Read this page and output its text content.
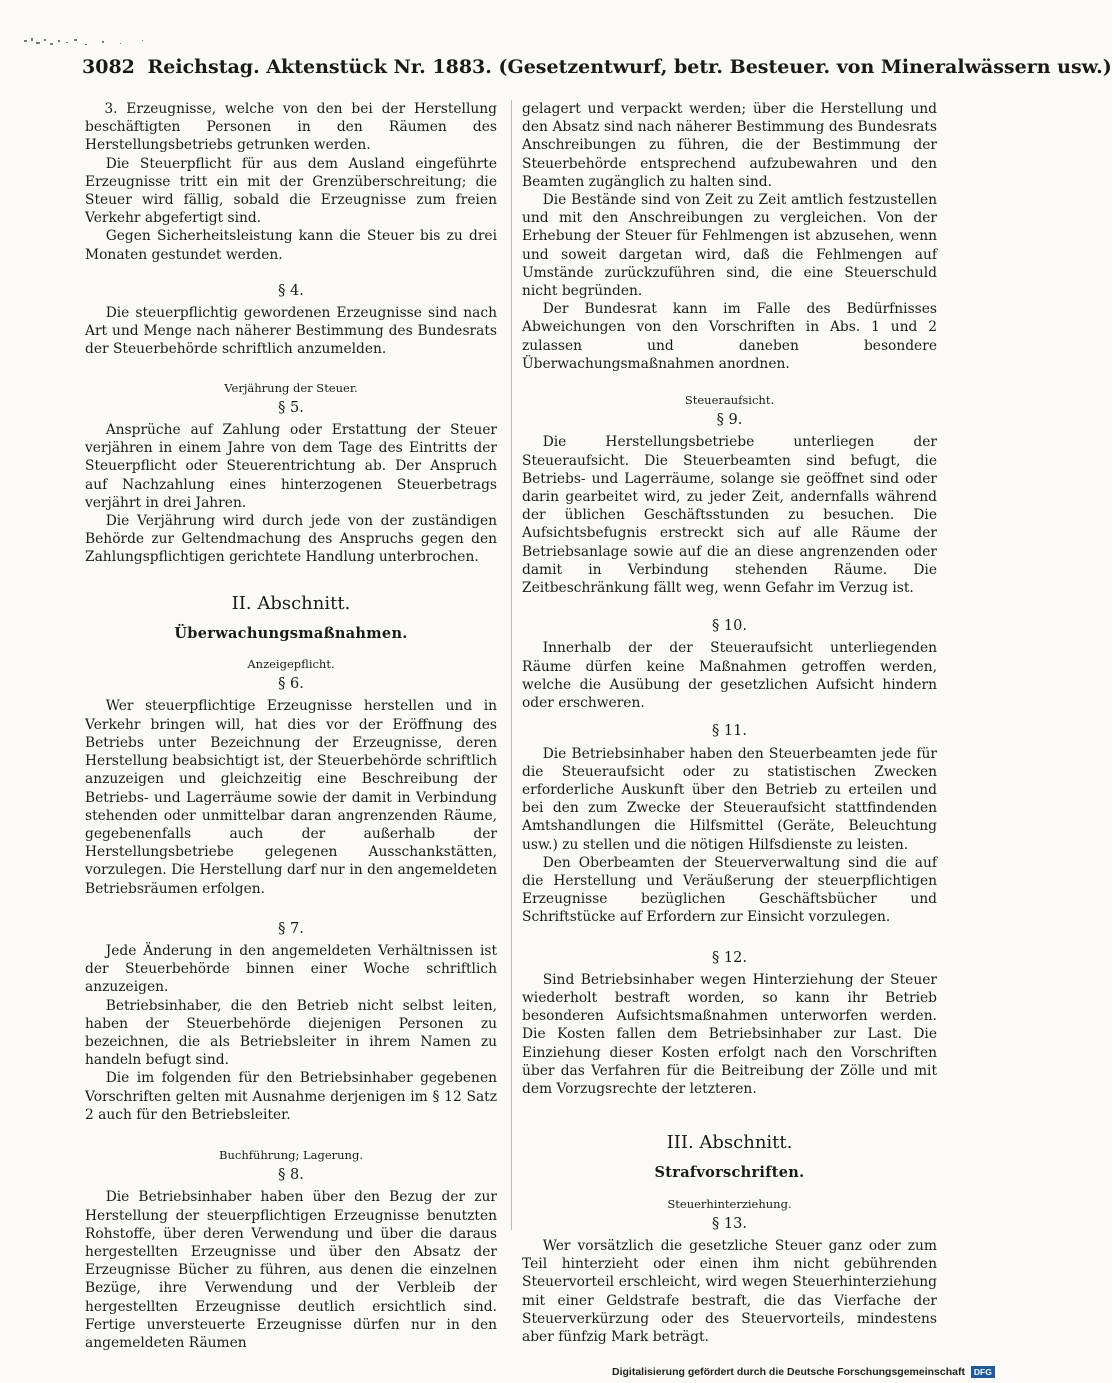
3082 Reichstag. Aktenstück Nr. 1883. (Gesetzentwurf, betr. Besteuer. von Mineralwässern usw.)

3. Erzeugnisse, welche von den bei der Herstellung beschäftigten Personen in den Räumen des Herstellungsbetriebs getrunken werden.

Die Steuerpflicht für aus dem Ausland eingeführte Erzeugnisse tritt ein mit der Grenzüberschreitung; die Steuer wird fällig, sobald die Erzeugnisse zum freien Verkehr abgefertigt sind.

Gegen Sicherheitsleistung kann die Steuer bis zu drei Monaten gestundet werden.

§ 4.

Die steuerpflichtig gewordenen Erzeugnisse sind nach Art und Menge nach näherer Bestimmung des Bundesrats der Steuerbehörde schriftlich anzumelden.

Verjährung der Steuer.
§ 5.

Ansprüche auf Zahlung oder Erstattung der Steuer verjähren in einem Jahre von dem Tage des Eintritts der Steuerpflicht oder Steuerentrichtung ab. Der Anspruch auf Nachzahlung eines hinterzogenen Steuerbetrags verjährt in drei Jahren.

Die Verjährung wird durch jede von der zuständigen Behörde zur Geltendmachung des Anspruchs gegen den Zahlungspflichtigen gerichtete Handlung unterbrochen.

II. Abschnitt.
Überwachungsmaßnahmen.
Anzeigepflicht.
§ 6.

Wer steuerpflichtige Erzeugnisse herstellen und in Verkehr bringen will, hat dies vor der Eröffnung des Betriebs unter Bezeichnung der Erzeugnisse, deren Herstellung beabsichtigt ist, der Steuerbehörde schriftlich anzuzeigen und gleichzeitig eine Beschreibung der Betriebs- und Lagerräume sowie der damit in Verbindung stehenden oder unmittelbar daran angrenzenden Räume, gegebenenfalls auch der außerhalb der Herstellungsbetriebe gelegenen Ausschankstätten, vorzulegen. Die Herstellung darf nur in den angemeldeten Betriebsräumen erfolgen.

§ 7.

Jede Änderung in den angemeldeten Verhältnissen ist der Steuerbehörde binnen einer Woche schriftlich anzuzeigen.

Betriebsinhaber, die den Betrieb nicht selbst leiten, haben der Steuerbehörde diejenigen Personen zu bezeichnen, die als Betriebsleiter in ihrem Namen zu handeln befugt sind.

Die im folgenden für den Betriebsinhaber gegebenen Vorschriften gelten mit Ausnahme derjenigen im § 12 Satz 2 auch für den Betriebsleiter.

Buchführung; Lagerung.
§ 8.

Die Betriebsinhaber haben über den Bezug der zur Herstellung der steuerpflichtigen Erzeugnisse benutzten Rohstoffe, über deren Verwendung und über die daraus hergestellten Erzeugnisse und über den Absatz der Erzeugnisse Bücher zu führen, aus denen die einzelnen Bezüge, ihre Verwendung und der Verbleib der hergestellten Erzeugnisse deutlich ersichtlich sind. Fertige unversteuerte Erzeugnisse dürfen nur in den angemeldeten Räumen

gelagert und verpackt werden; über die Herstellung und den Absatz sind nach näherer Bestimmung des Bundesrats Anschreibungen zu führen, die der Bestimmung der Steuerbehörde entsprechend aufzubewahren und den Beamten zugänglich zu halten sind.

Die Bestände sind von Zeit zu Zeit amtlich festzustellen und mit den Anschreibungen zu vergleichen. Von der Erhebung der Steuer für Fehlmengen ist abzusehen, wenn und soweit dargetan wird, daß die Fehlmengen auf Umstände zurückzuführen sind, die eine Steuerschuld nicht begründen.

Der Bundesrat kann im Falle des Bedürfnisses Abweichungen von den Vorschriften in Abs. 1 und 2 zulassen und daneben besondere Überwachungsmaßnahmen anordnen.

Steueraufsicht.
§ 9.

Die Herstellungsbetriebe unterliegen der Steueraufsicht. Die Steuerbeamten sind befugt, die Betriebs- und Lagerräume, solange sie geöffnet sind oder darin gearbeitet wird, zu jeder Zeit, andernfalls während der üblichen Geschäftsstunden zu besuchen. Die Aufsichtsbefugnis erstreckt sich auf alle Räume der Betriebsanlage sowie auf die an diese angrenzenden oder damit in Verbindung stehenden Räume. Die Zeitbeschränkung fällt weg, wenn Gefahr im Verzug ist.

§ 10.

Innerhalb der der Steueraufsicht unterliegenden Räume dürfen keine Maßnahmen getroffen werden, welche die Ausübung der gesetzlichen Aufsicht hindern oder erschweren.

§ 11.

Die Betriebsinhaber haben den Steuerbeamten jede für die Steueraufsicht oder zu statistischen Zwecken erforderliche Auskunft über den Betrieb zu erteilen und bei den zum Zwecke der Steueraufsicht stattfindenden Amtshandlungen die Hilfsmittel (Geräte, Beleuchtung usw.) zu stellen und die nötigen Hilfsdienste zu leisten.

Den Oberbeamten der Steuerverwaltung sind die auf die Herstellung und Veräußerung der steuerpflichtigen Erzeugnisse bezüglichen Geschäftsbücher und Schriftstücke auf Erfordern zur Einsicht vorzulegen.

§ 12.

Sind Betriebsinhaber wegen Hinterziehung der Steuer wiederholt bestraft worden, so kann ihr Betrieb besonderen Aufsichtsmaßnahmen unterworfen werden. Die Kosten fallen dem Betriebsinhaber zur Last. Die Einziehung dieser Kosten erfolgt nach den Vorschriften über das Verfahren für die Beitreibung der Zölle und mit dem Vorzugsrechte der letzteren.

III. Abschnitt.
Strafvorschriften.
Steuerhinterziehung.
§ 13.

Wer vorsätzlich die gesetzliche Steuer ganz oder zum Teil hinterzieht oder einen ihm nicht gebührenden Steuervorteil erschleicht, wird wegen Steuerhinterziehung mit einer Geldstrafe bestraft, die das Vierfache der Steuerverkürzung oder des Steuervorteils, mindestens aber fünfzig Mark beträgt.

Digitalisierung gefördert durch die Deutsche Forschungsgemeinschaft DFG
